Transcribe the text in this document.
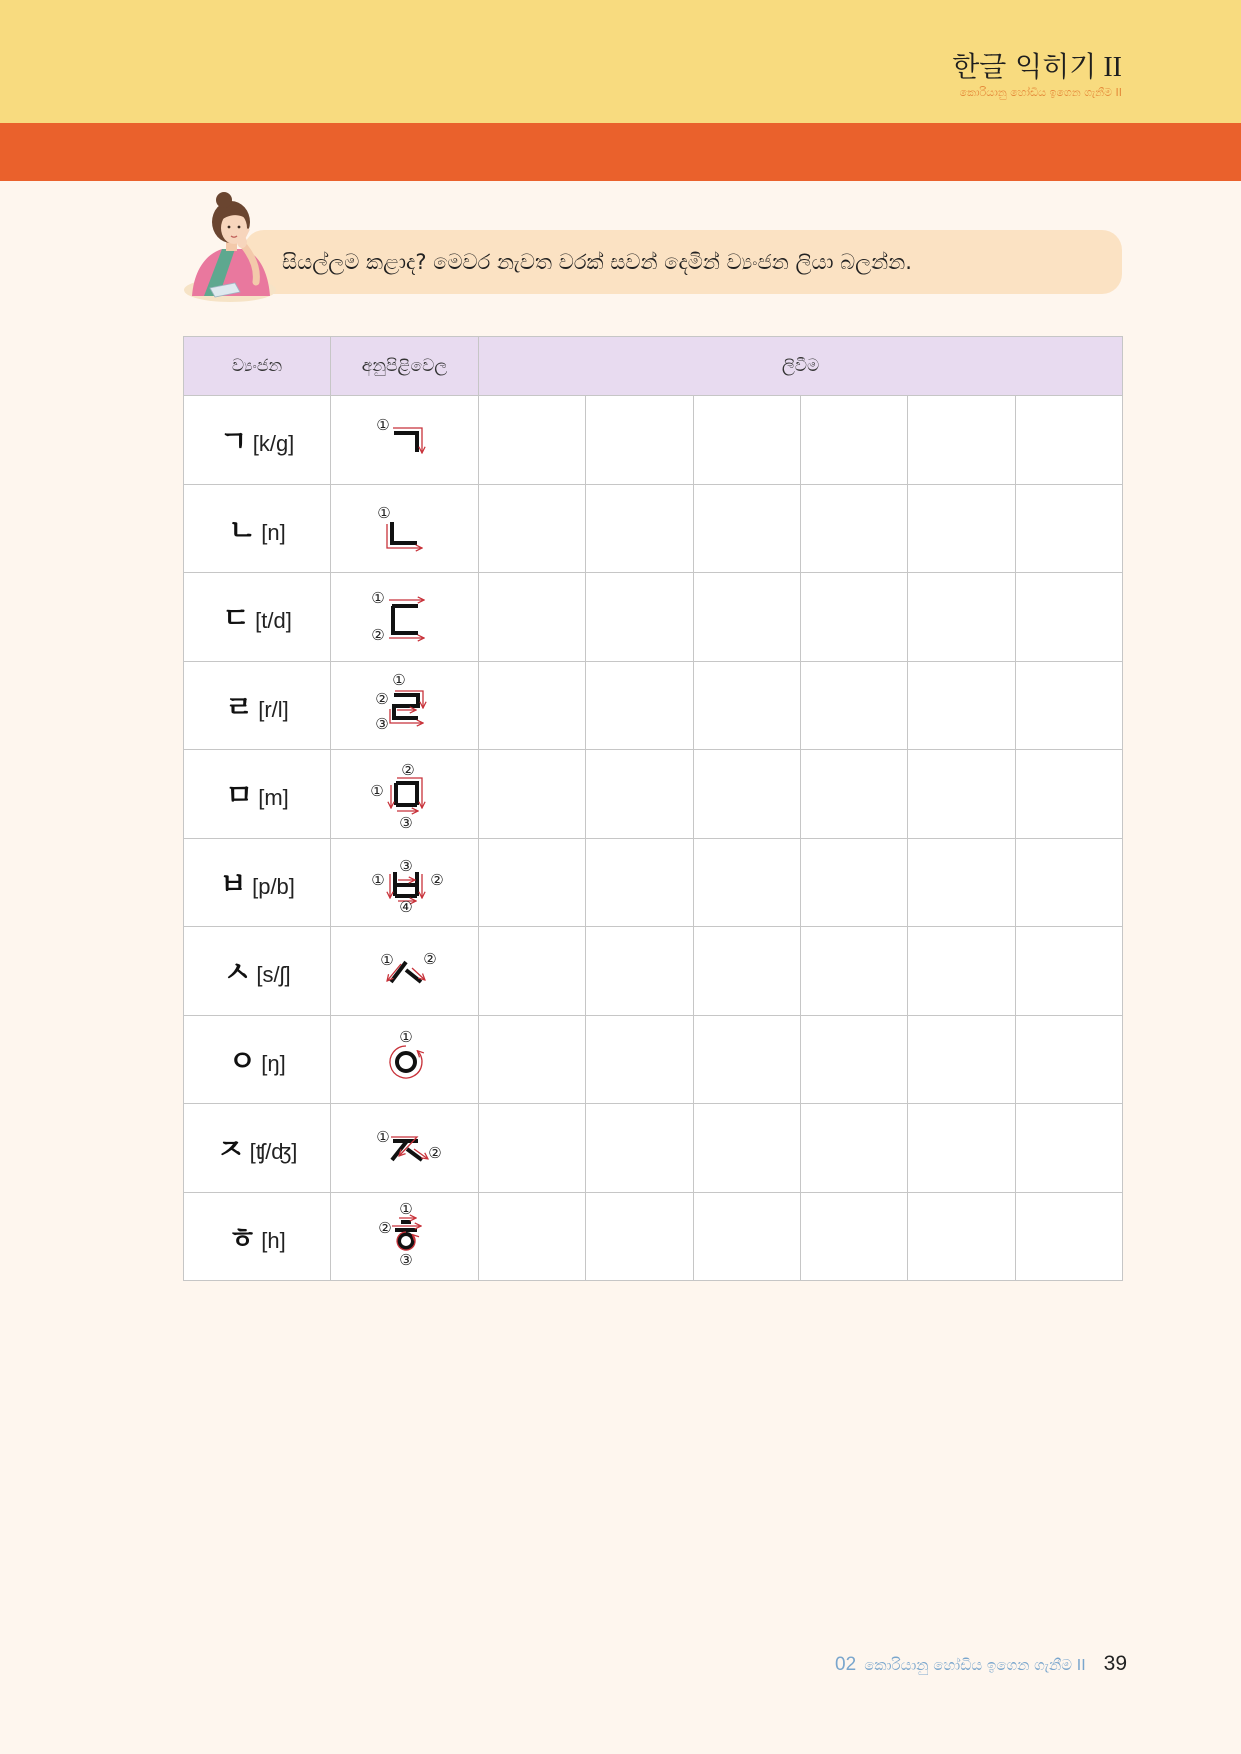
한글 익히기 II
කොරියානු හෝඩිය ඉගෙන ගැනීම II
සියල්ලම කළාද? මෙවර නැවත වරක් සවන් දෙමින් ව්‍යංජන ලියා බලන්න.
ව්‍යංජන	අනුපිළිවෙල	ලිවීම					
ㄱ [k/g]	①						

ㄴ [n]	①						

ㄷ [t/d]	①
②						

ㄹ [r/l]	①
②
③						

ㅁ [m]	①
②
③						

ㅂ [p/b]	① ②
③
④						

ㅅ [s/ʃ]	① ②						

ㅇ [ŋ]	①						

ㅈ [ʧ/ʤ]	①
②						

ㅎ [h]	①
②
③						

02 කොරියානු හෝඩිය ඉගෙන ගැනීම II 39
